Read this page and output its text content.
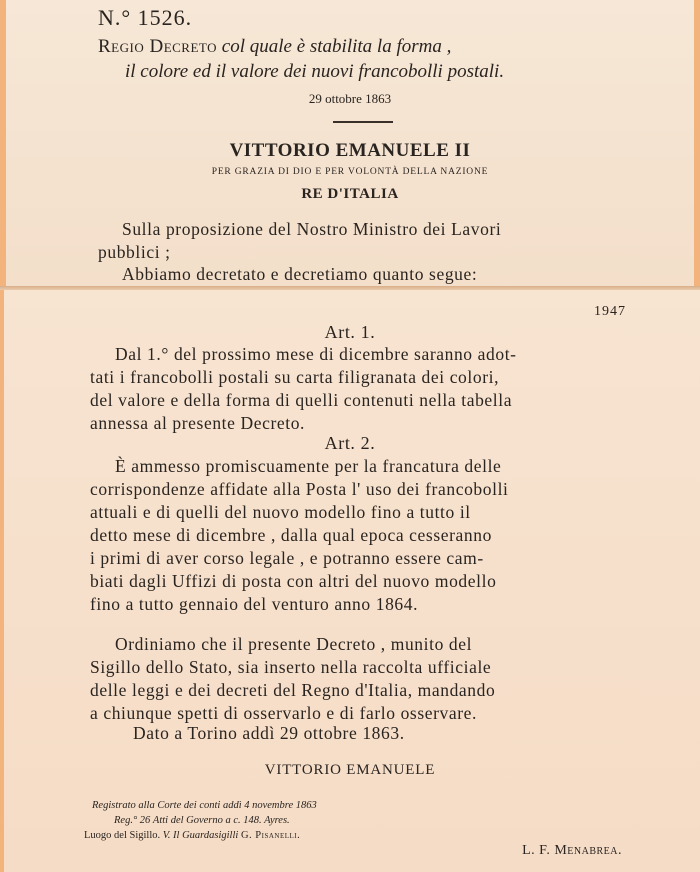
N.° 1526.
Regio Decreto col quale è stabilita la forma ,
il colore ed il valore dei nuovi francobolli postali.
29 ottobre 1863
VITTORIO EMANUELE II
PER GRAZIA DI DIO E PER VOLONTÀ DELLA NAZIONE
RE D'ITALIA
Sulla proposizione del Nostro Ministro dei Lavori
pubblici ;
Abbiamo decretato e decretiamo quanto segue:
1947
Art. 1.
Dal 1.° del prossimo mese di dicembre saranno adot-
tati i francobolli postali su carta filigranata dei colori,
del valore e della forma di quelli contenuti nella tabella
annessa al presente Decreto.
Art. 2.
È ammesso promiscuamente per la francatura delle
corrispondenze affidate alla Posta l' uso dei francobolli
attuali e di quelli del nuovo modello fino a tutto il
detto mese di dicembre , dalla qual epoca cesseranno
i primi di aver corso legale , e potranno essere cam-
biati dagli Uffizi di posta con altri del nuovo modello
fino a tutto gennaio del venturo anno 1864.
Ordiniamo che il presente Decreto , munito del
Sigillo dello Stato, sia inserto nella raccolta ufficiale
delle leggi e dei decreti del Regno d'Italia, mandando
a chiunque spetti di osservarlo e di farlo osservare.
Dato a Torino addì 29 ottobre 1863.
VITTORIO EMANUELE
Registrato alla Corte dei conti addì 4 novembre 1863
Reg.° 26 Atti del Governo a c. 148. Ayres.
Luogo del Sigillo. V. Il Guardasigilli G. Pisanelli.
L. F. Menabrea.
